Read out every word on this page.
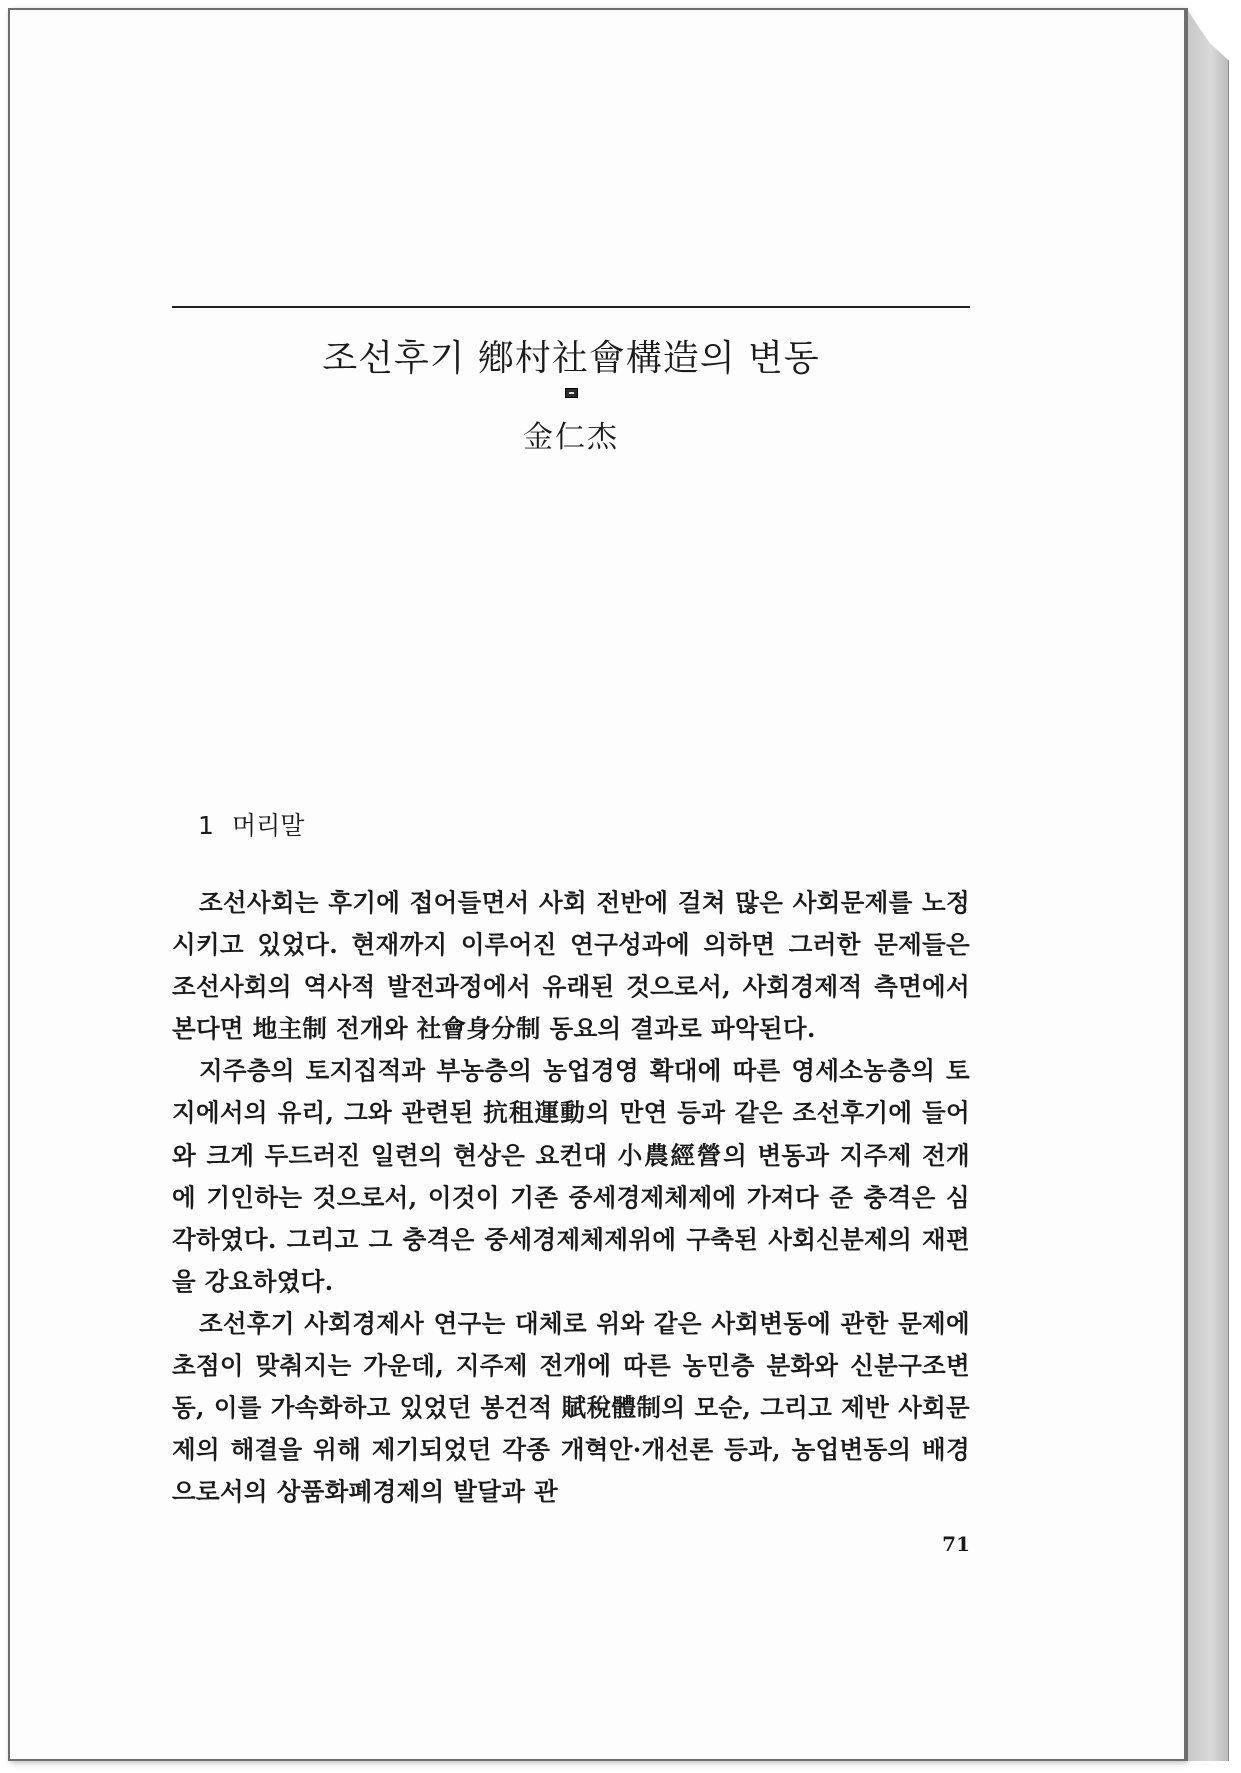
조선후기 鄕村社會構造의 변동
金仁杰
1 머리말

조선사회는 후기에 접어들면서 사회 전반에 걸쳐 많은 사회문제를 노정시키고 있었다. 현재까지 이루어진 연구성과에 의하면 그러한 문제들은 조선사회의 역사적 발전과정에서 유래된 것으로서, 사회경제적 측면에서 본다면 地主制 전개와 社會身分制 동요의 결과로 파악된다.

지주층의 토지집적과 부농층의 농업경영 확대에 따른 영세소농층의 토지에서의 유리, 그와 관련된 抗租運動의 만연 등과 같은 조선후기에 들어와 크게 두드러진 일련의 현상은 요컨대 小農經營의 변동과 지주제 전개에 기인하는 것으로서, 이것이 기존 중세경제체제에 가져다 준 충격은 심각하였다. 그리고 그 충격은 중세경제체제위에 구축된 사회신분제의 재편을 강요하였다.

조선후기 사회경제사 연구는 대체로 위와 같은 사회변동에 관한 문제에 초점이 맞춰지는 가운데, 지주제 전개에 따른 농민층 분화와 신분구조변동, 이를 가속화하고 있었던 봉건적 賦稅體制의 모순, 그리고 제반 사회문제의 해결을 위해 제기되었던 각종 개혁안·개선론 등과, 농업변동의 배경으로서의 상품화폐경제의 발달과 관

71
